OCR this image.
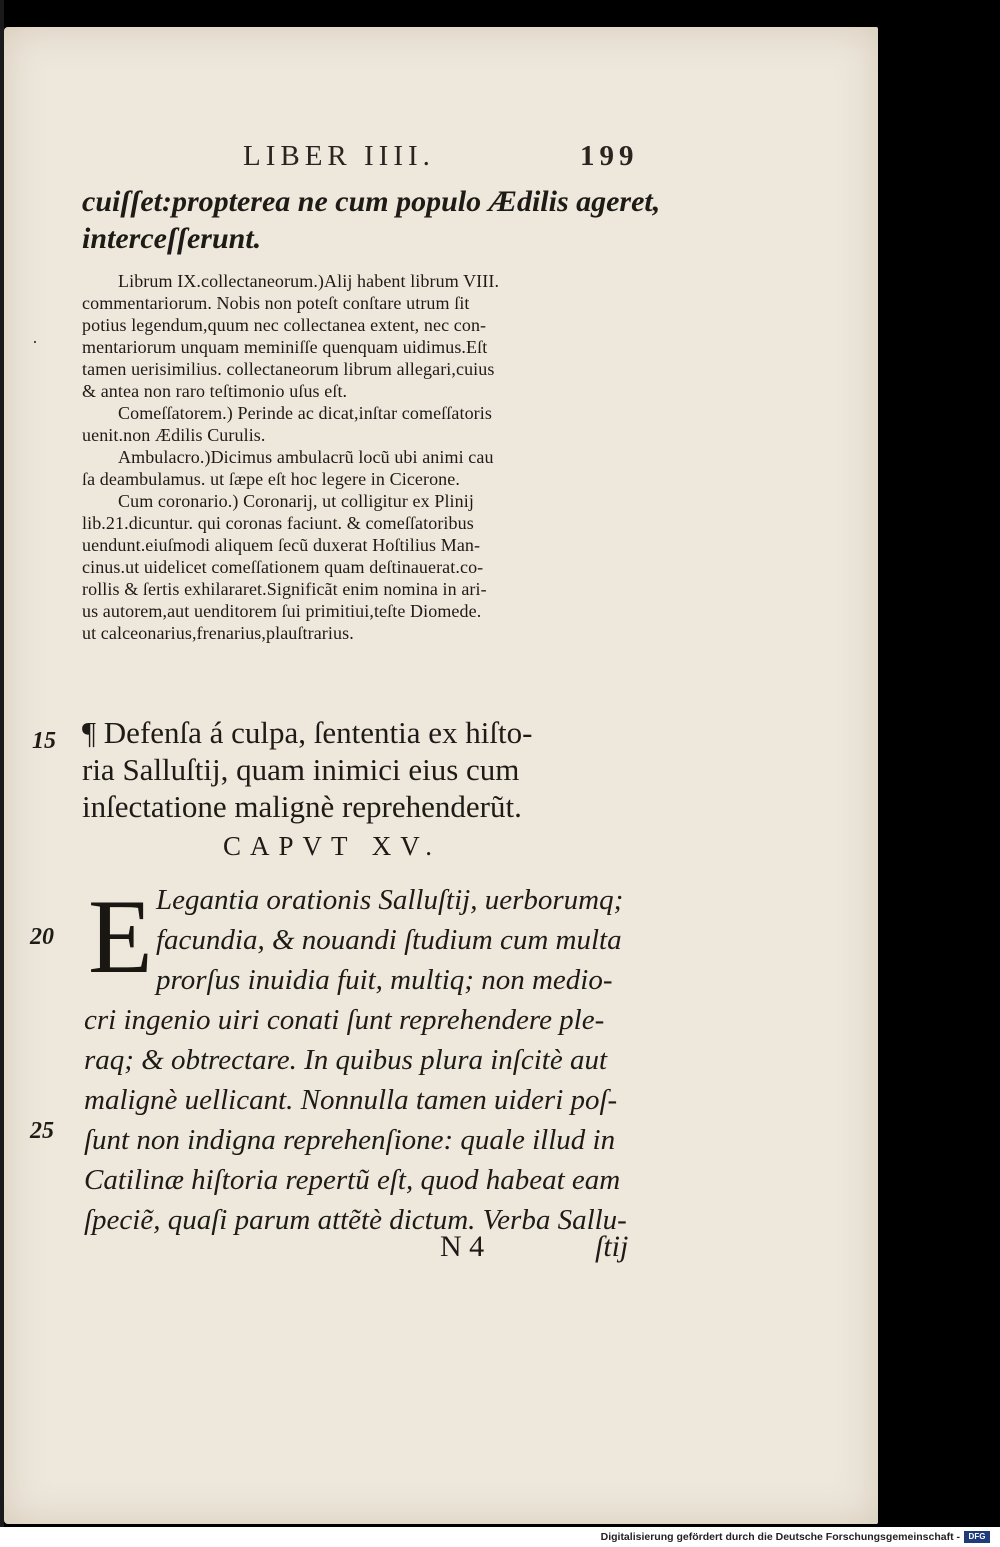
LIBER IIII.	199
cuiſſet:propterea ne cum populo Ædilis ageret,
interceſſerunt.
·
Librum IX.collectaneorum.)Alij habent librum VIII.
commentariorum. Nobis non poteſt conſtare utrum ſit
potius legendum,quum nec collectanea extent, nec con-
mentariorum unquam meminiſſe quenquam uidimus.Eſt
tamen uerisimilius. collectaneorum librum allegari,cuius
& antea non raro teſtimonio uſus eſt.
Comeſſatorem.) Perinde ac dicat,inſtar comeſſatoris
uenit.non Ædilis Curulis.
Ambulacro.)Dicimus ambulacrũ locũ ubi animi cau
ſa deambulamus. ut ſæpe eſt hoc legere in Cicerone.
Cum coronario.) Coronarij, ut colligitur ex Plinij
lib.21.dicuntur. qui coronas faciunt. & comeſſatoribus
uendunt.eiuſmodi aliquem ſecũ duxerat Hoſtilius Man-
cinus.ut uidelicet comeſſationem quam deſtinauerat.co-
rollis & ſertis exhilararet.Significãt enim nomina in ari-
us autorem,aut uenditorem ſui primitiui,teſte Diomede.
ut calceonarius,frenarius,plauſtrarius.
15
20
25
¶ Defenſa á culpa, ſententia ex hiſto-
ria Salluſtij, quam inimici eius cum
inſectatione malignè reprehenderũt.
CAPVT XV.
E Legantia orationis Salluſtij, uerborumq;
facundia, & nouandi ſtudium cum multa
prorſus inuidia fuit, multiq; non medio-
cri ingenio uiri conati ſunt reprehendere ple-
raq; & obtrectare. In quibus plura inſcitè aut
malignè uellicant. Nonnulla tamen uideri poſ-
ſunt non indigna reprehenſione: quale illud in
Catilinæ hiſtoria repertũ eſt, quod habeat eam
ſpeciẽ, quaſi parum attẽtè dictum. Verba Sallu-
N 4	ſtij
Digitalisierung gefördert durch die Deutsche Forschungsgemeinschaft -	DFG
